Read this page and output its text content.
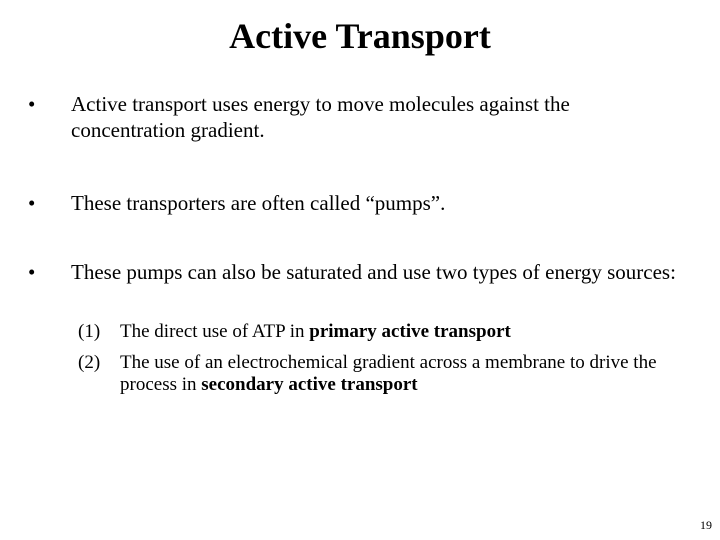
Active Transport
• Active transport uses energy to move molecules against the concentration gradient.
• These transporters are often called “pumps”.
• These pumps can also be saturated and use two types of energy sources:
(1) The direct use of ATP in primary active transport
(2) The use of an electrochemical gradient across a membrane to drive the process in secondary active transport
19
